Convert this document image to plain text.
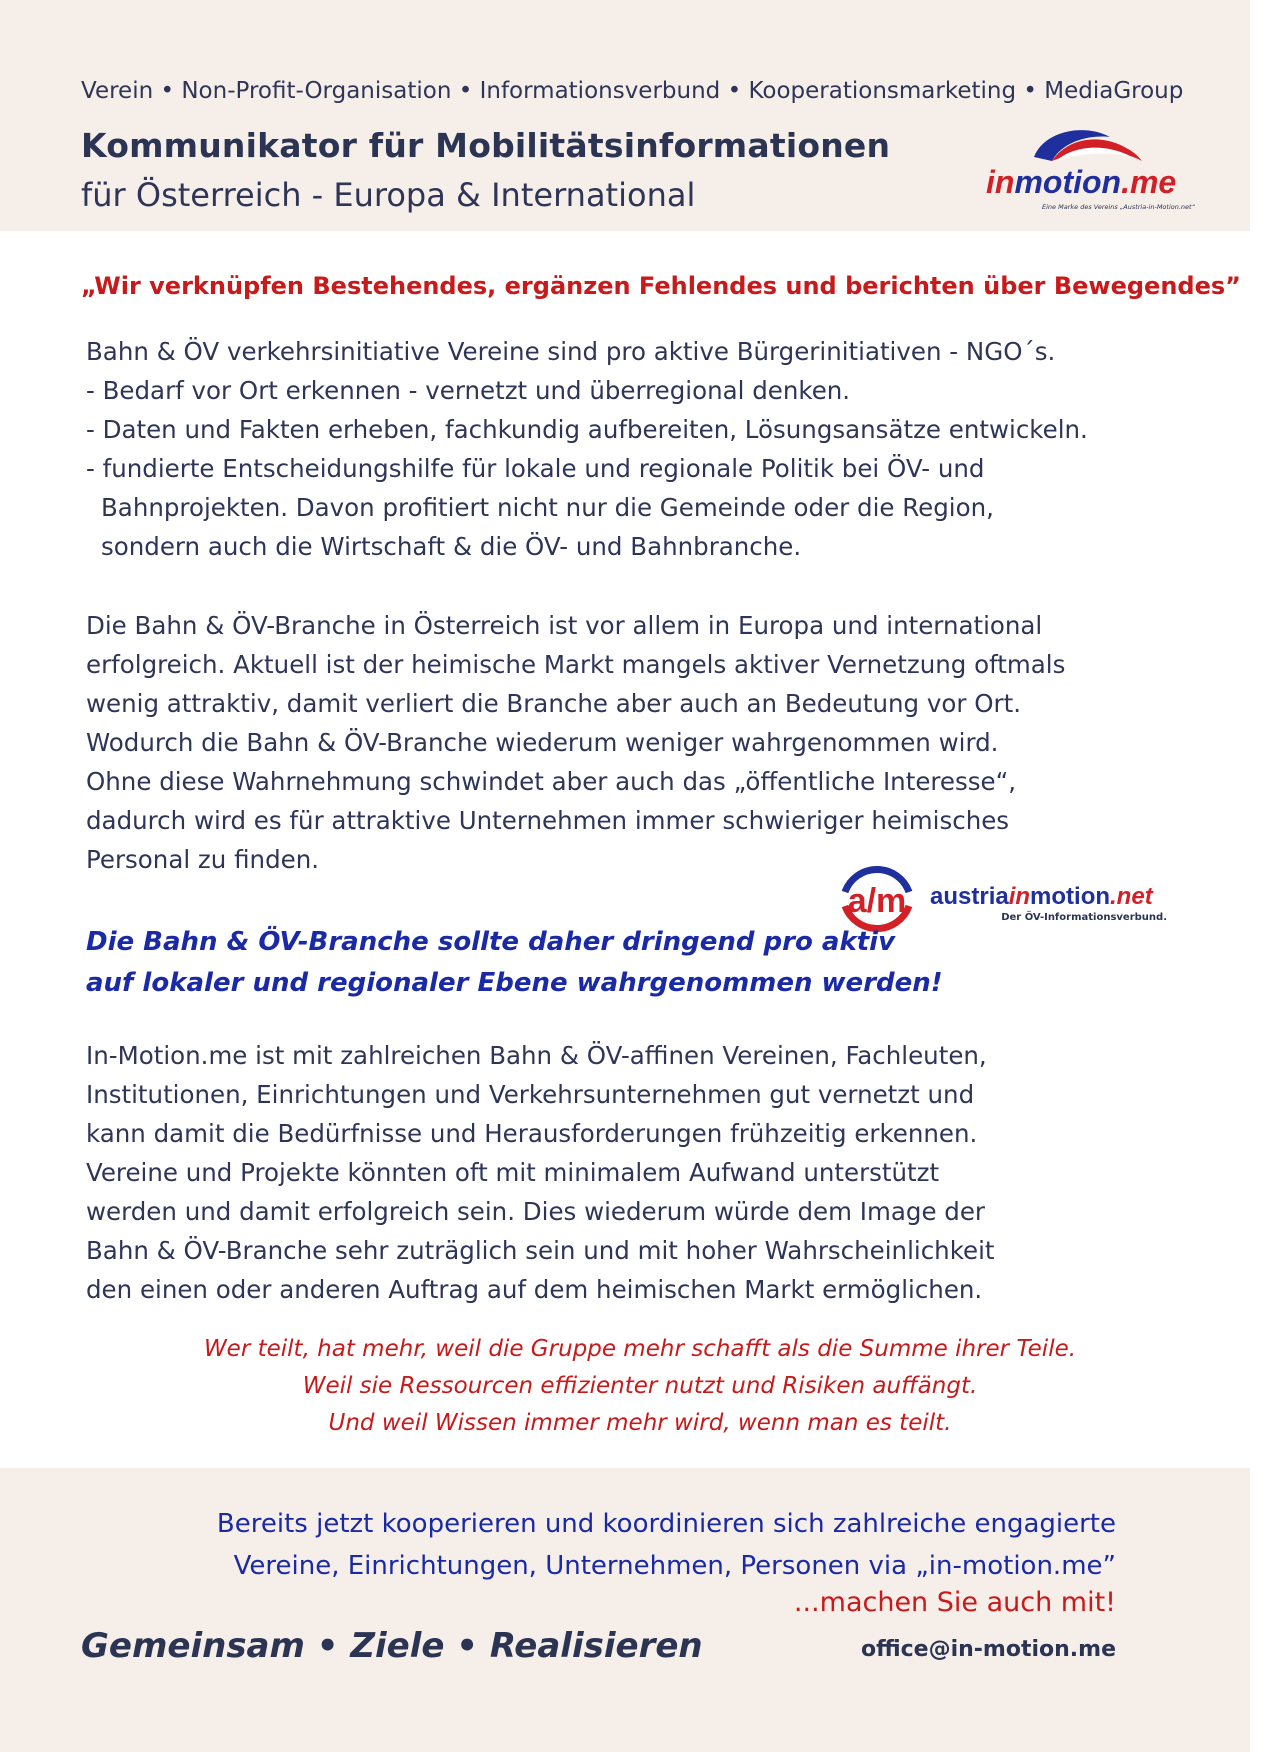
Verein • Non-Profit-Organisation • Informationsverbund • Kooperationsmarketing • MediaGroup
Kommunikator für Mobilitätsinformationen
für Österreich - Europa & International	inmotion.me
Eine Marke des Vereins „Austria-in-Motion.net“
„Wir verknüpfen Bestehendes, ergänzen Fehlendes und berichten über Bewegendes”
Bahn & ÖV verkehrsinitiative Vereine sind pro aktive Bürgerinitiativen - NGO´s.
- Bedarf vor Ort erkennen - vernetzt und überregional denken.
- Daten und Fakten erheben, fachkundig aufbereiten, Lösungsansätze entwickeln.
- fundierte Entscheidungshilfe für lokale und regionale Politik bei ÖV- und
Bahnprojekten. Davon profitiert nicht nur die Gemeinde oder die Region,
sondern auch die Wirtschaft & die ÖV- und Bahnbranche.
Die Bahn & ÖV-Branche in Österreich ist vor allem in Europa und international
erfolgreich. Aktuell ist der heimische Markt mangels aktiver Vernetzung oftmals
wenig attraktiv, damit verliert die Branche aber auch an Bedeutung vor Ort.
Wodurch die Bahn & ÖV-Branche wiederum weniger wahrgenommen wird.
Ohne diese Wahrnehmung schwindet aber auch das „öffentliche Interesse“,
dadurch wird es für attraktive Unternehmen immer schwieriger heimisches
Personal zu finden.
a/m austriainmotion.net
Der ÖV-Informationsverbund.
Die Bahn & ÖV-Branche sollte daher dringend pro aktiv
auf lokaler und regionaler Ebene wahrgenommen werden!
In-Motion.me ist mit zahlreichen Bahn & ÖV-affinen Vereinen, Fachleuten,
Institutionen, Einrichtungen und Verkehrsunternehmen gut vernetzt und
kann damit die Bedürfnisse und Herausforderungen frühzeitig erkennen.
Vereine und Projekte könnten oft mit minimalem Aufwand unterstützt
werden und damit erfolgreich sein. Dies wiederum würde dem Image der
Bahn & ÖV-Branche sehr zuträglich sein und mit hoher Wahrscheinlichkeit
den einen oder anderen Auftrag auf dem heimischen Markt ermöglichen.
Wer teilt, hat mehr, weil die Gruppe mehr schafft als die Summe ihrer Teile.
Weil sie Ressourcen effizienter nutzt und Risiken auffängt.
Und weil Wissen immer mehr wird, wenn man es teilt.
Bereits jetzt kooperieren und koordinieren sich zahlreiche engagierte
Vereine, Einrichtungen, Unternehmen, Personen via „in-motion.me”
...machen Sie auch mit!
Gemeinsam • Ziele • Realisieren	office@in-motion.me
